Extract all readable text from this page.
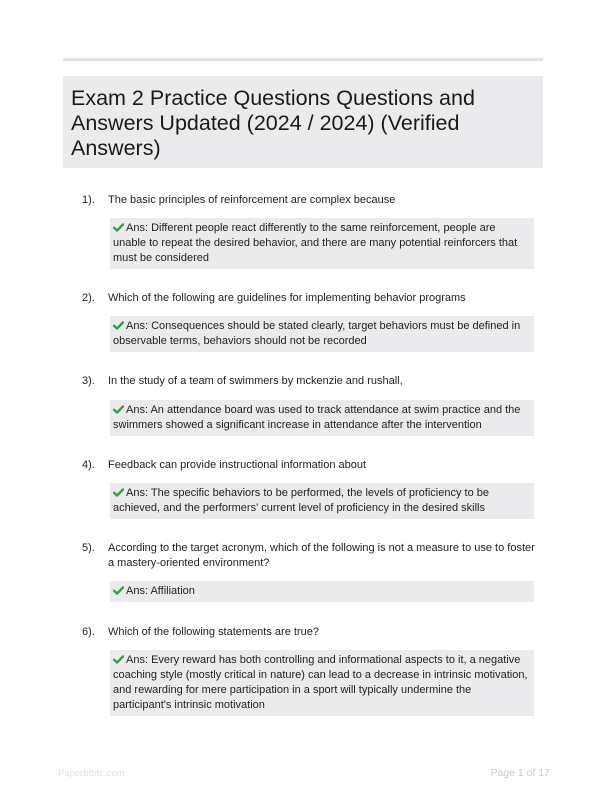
Exam 2 Practice Questions Questions and Answers Updated (2024 / 2024) (Verified Answers)
1). The basic principles of reinforcement are complex because
Ans: Different people react differently to the same reinforcement, people are unable to repeat the desired behavior, and there are many potential reinforcers that must be considered
2). Which of the following are guidelines for implementing behavior programs
Ans: Consequences should be stated clearly, target behaviors must be defined in observable terms, behaviors should not be recorded
3). In the study of a team of swimmers by mckenzie and rushall,
Ans: An attendance board was used to track attendance at swim practice and the swimmers showed a significant increase in attendance after the intervention
4). Feedback can provide instructional information about
Ans: The specific behaviors to be performed, the levels of proficiency to be achieved, and the performers' current level of proficiency in the desired skills
5). According to the target acronym, which of the following is not a measure to use to foster a mastery-oriented environment?
Ans: Affiliation
6). Which of the following statements are true?
Ans: Every reward has both controlling and informational aspects to it, a negative coaching style (mostly critical in nature) can lead to a decrease in intrinsic motivation, and rewarding for mere participation in a sport will typically undermine the participant's intrinsic motivation
Paperbtbtc.com	Page 1 of 17
